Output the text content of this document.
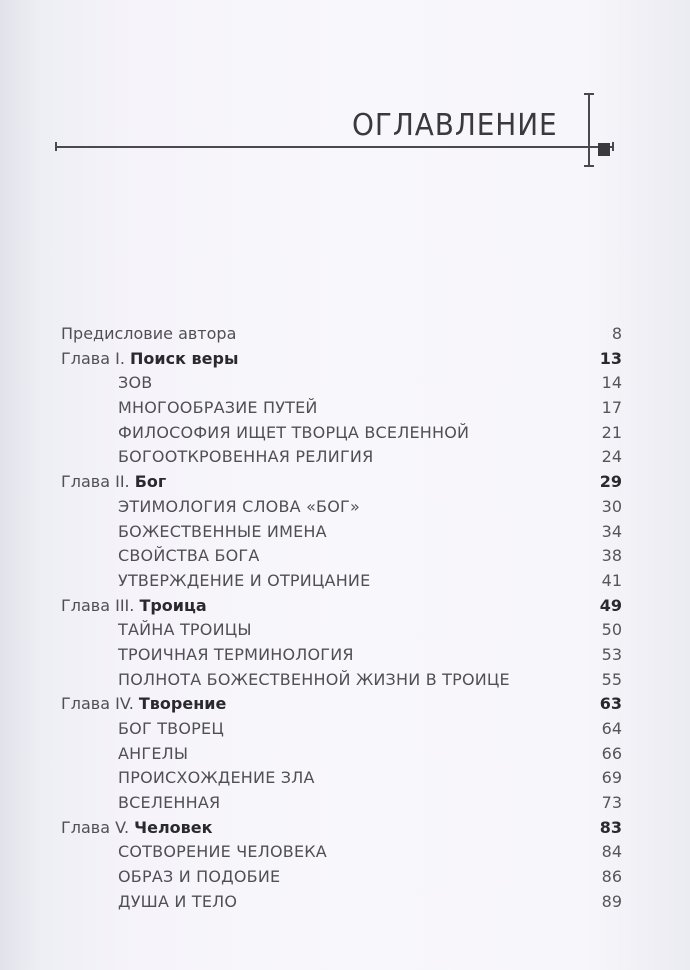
ОГЛАВЛЕНИЕ
Предисловие автора	8
Глава I. Поиск веры	13
ЗОВ	14
МНОГООБРАЗИЕ ПУТЕЙ	17
ФИЛОСОФИЯ ИЩЕТ ТВОРЦА ВСЕЛЕННОЙ	21
БОГООТКРОВЕННАЯ РЕЛИГИЯ	24
Глава II. Бог	29
ЭТИМОЛОГИЯ СЛОВА «БОГ»	30
БОЖЕСТВЕННЫЕ ИМЕНА	34
СВОЙСТВА БОГА	38
УТВЕРЖДЕНИЕ И ОТРИЦАНИЕ	41
Глава III. Троица	49
ТАЙНА ТРОИЦЫ	50
ТРОИЧНАЯ ТЕРМИНОЛОГИЯ	53
ПОЛНОТА БОЖЕСТВЕННОЙ ЖИЗНИ В ТРОИЦЕ	55
Глава IV. Творение	63
БОГ ТВОРЕЦ	64
АНГЕЛЫ	66
ПРОИСХОЖДЕНИЕ ЗЛА	69
ВСЕЛЕННАЯ	73
Глава V. Человек	83
СОТВОРЕНИЕ ЧЕЛОВЕКА	84
ОБРАЗ И ПОДОБИЕ	86
ДУША И ТЕЛО	89
